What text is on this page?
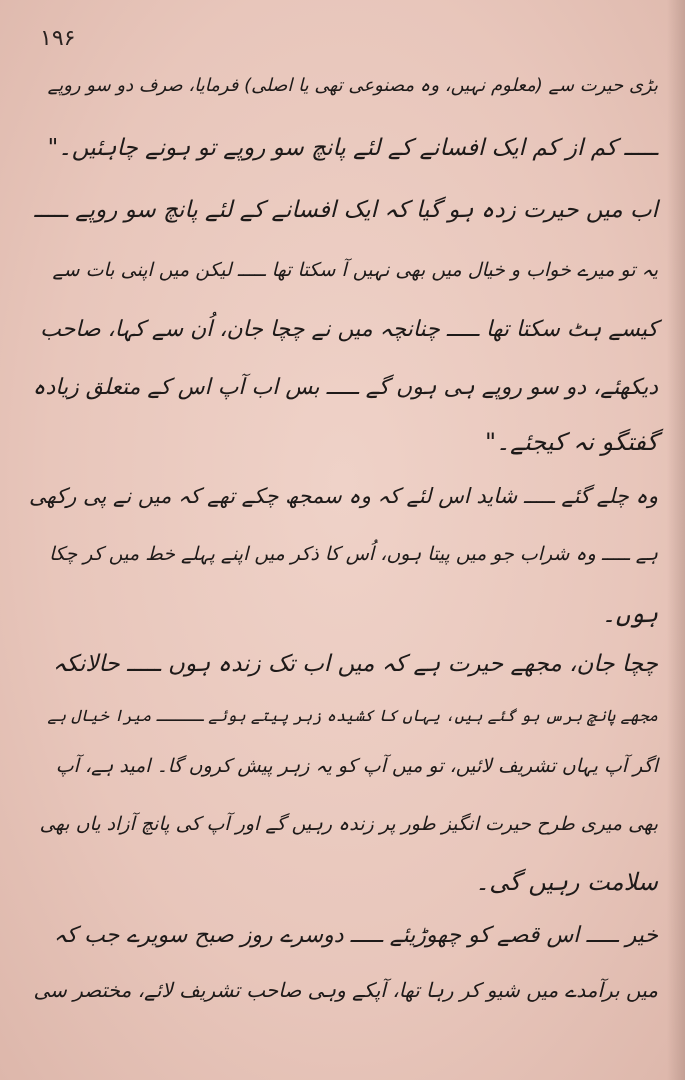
۱۹۶
بڑی حیرت سے (معلوم نہیں، وہ مصنوعی تھی یا اصلی) فرمایا، صرف دو سو روپے
ـــــ کم از کم ایک افسانے کے لئے پانچ سو روپے تو ہونے چاہئیں۔"
اب میں حیرت زدہ ہو گیا کہ ایک افسانے کے لئے پانچ سو روپے ـــــ
یہ تو میرے خواب و خیال میں بھی نہیں آ سکتا تھا ـــــ لیکن میں اپنی بات سے
کیسے ہٹ سکتا تھا ـــــ چنانچہ میں نے چچا جان، اُن سے کہا، صاحب
دیکھئے، دو سو روپے ہی ہوں گے ـــــ بس اب آپ اس کے متعلق زیادہ
گفتگو نہ کیجئے۔"
وہ چلے گئے ـــــ شاید اس لئے کہ وہ سمجھ چکے تھے کہ میں نے پی رکھی
ہے ـــــ وہ شراب جو میں پیتا ہوں، اُس کا ذکر میں اپنے پہلے خط میں کر چکا
ہوں۔
چچا جان، مجھے حیرت ہے کہ میں اب تک زندہ ہوں ـــــ حالانکہ
مجھے پانچ برس ہو گئے ہیں، یہاں کا کشیدہ زہر پیتے ہوئے ـــــ میرا خیال ہے
اگر آپ یہاں تشریف لائیں، تو میں آپ کو یہ زہر پیش کروں گا۔ امید ہے، آپ
بھی میری طرح حیرت انگیز طور پر زندہ رہیں گے اور آپ کی پانچ آزاد یاں بھی
سلامت رہیں گی۔
خیر ـــــ اس قصے کو چھوڑیئے ـــــ دوسرے روز صبح سویرے جب کہ
میں برآمدے میں شیو کر رہا تھا، آپکے وہی صاحب تشریف لائے، مختصر سی
